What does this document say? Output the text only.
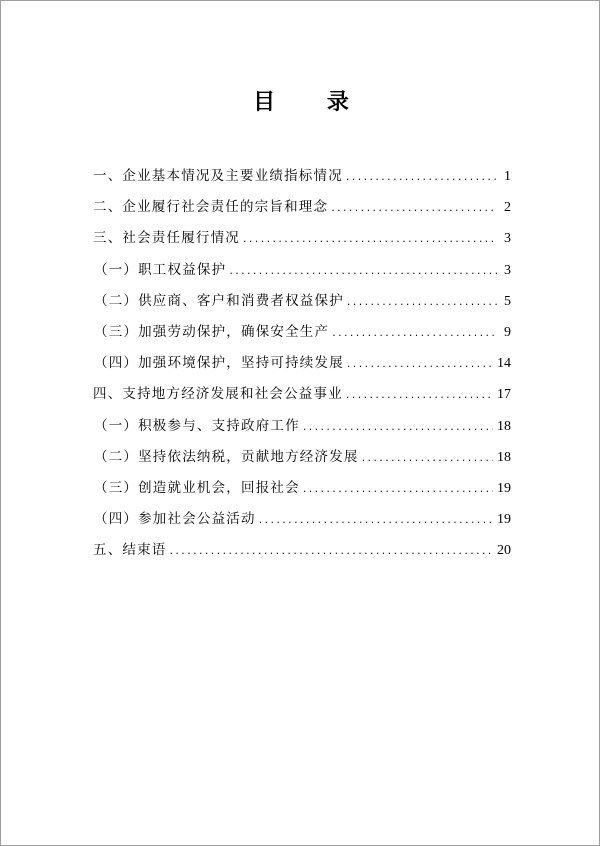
目 录
一、企业基本情况及主要业绩指标情况 .....	1
二、企业履行社会责任的宗旨和理念 .....	2
三、社会责任履行情况 .....	3
（一）职工权益保护 .....	3
（二）供应商、客户和消费者权益保护 .....	5
（三）加强劳动保护，确保安全生产 .....	9
（四）加强环境保护，坚持可持续发展 .....	14
四、支持地方经济发展和社会公益事业 .....	17
（一）积极参与、支持政府工作 .....	18
（二）坚持依法纳税，贡献地方经济发展 .....	18
（三）创造就业机会，回报社会 .....	19
（四）参加社会公益活动 .....	19
五、结束语 .....	20
